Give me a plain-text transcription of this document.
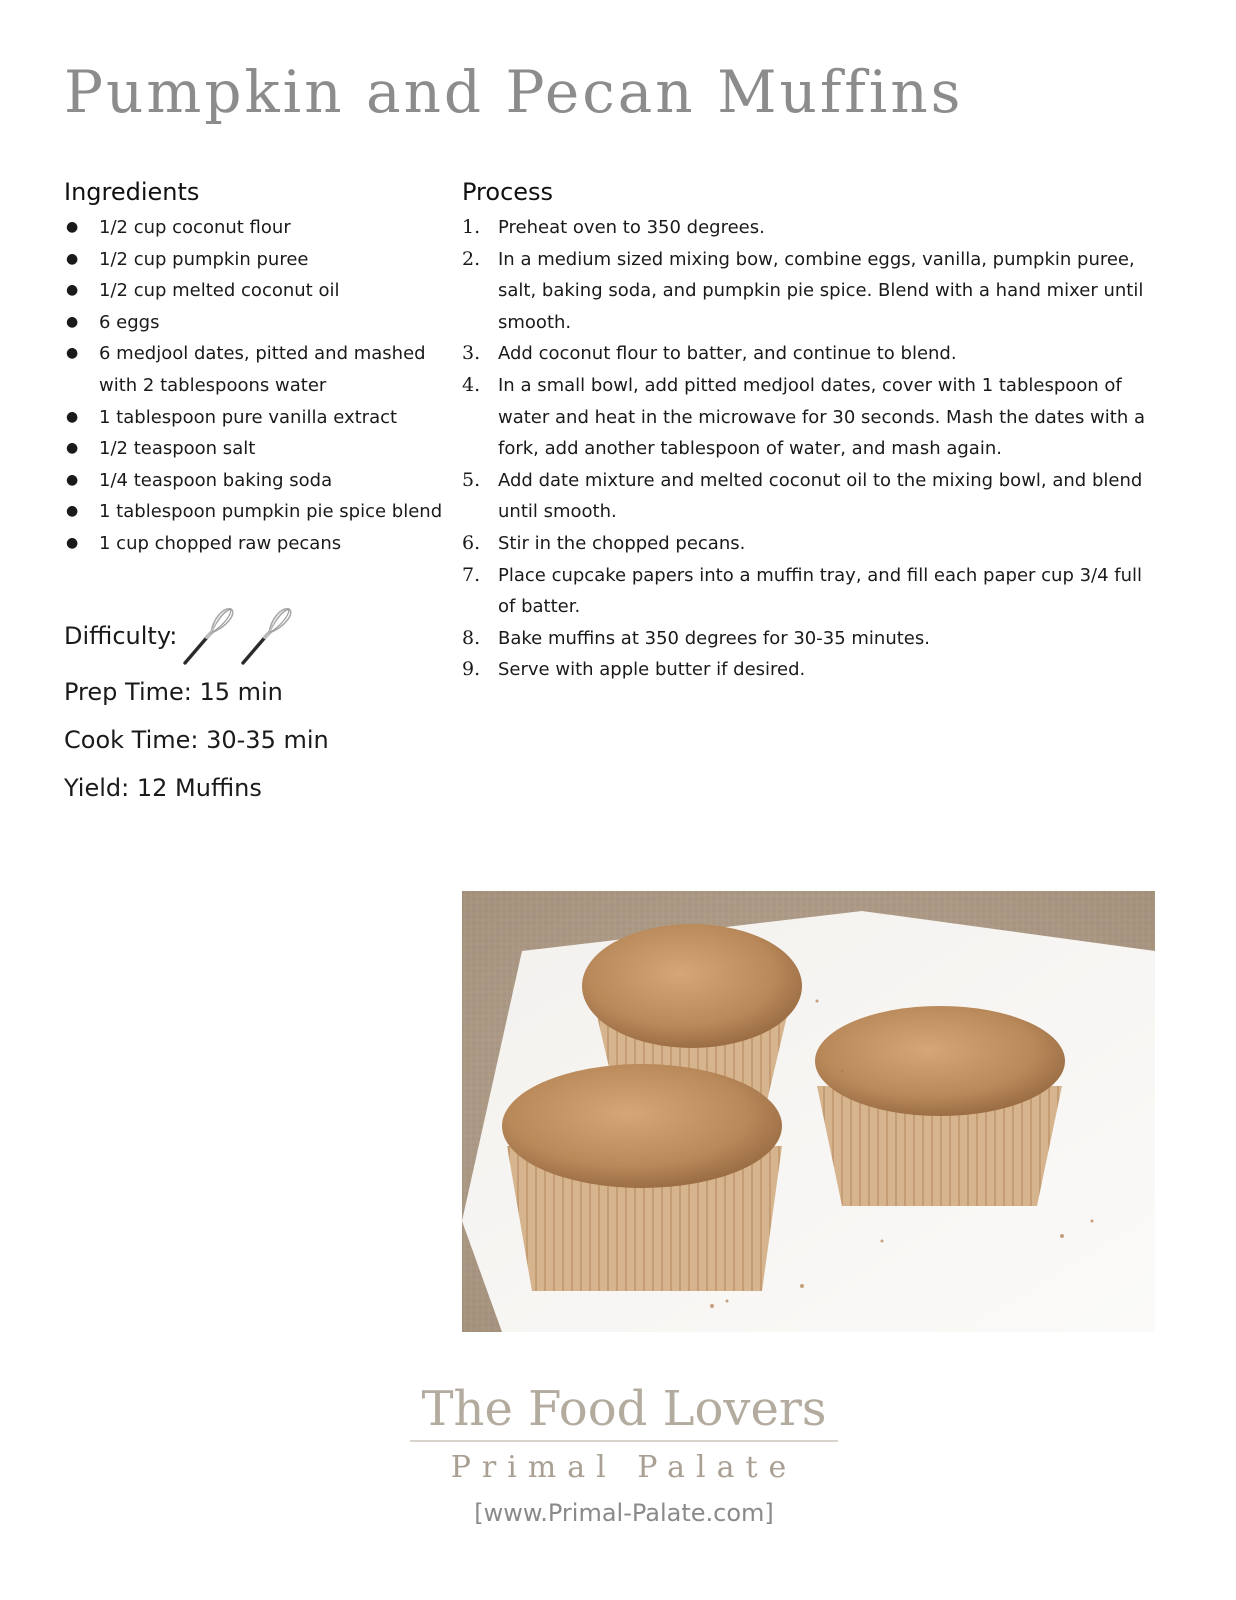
Pumpkin and Pecan Muffins
Ingredients
● 1/2 cup coconut flour
● 1/2 cup pumpkin puree
● 1/2 cup melted coconut oil
● 6 eggs
● 6 medjool dates, pitted and mashed with 2 tablespoons water
● 1 tablespoon pure vanilla extract
● 1/2 teaspoon salt
● 1/4 teaspoon baking soda
● 1 tablespoon pumpkin pie spice blend
● 1 cup chopped raw pecans
Process
1. Preheat oven to 350 degrees.
2. In a medium sized mixing bow, combine eggs, vanilla, pumpkin puree, salt, baking soda, and pumpkin pie spice. Blend with a hand mixer until smooth.
3. Add coconut flour to batter, and continue to blend.
4. In a small bowl, add pitted medjool dates, cover with 1 tablespoon of water and heat in the microwave for 30 seconds. Mash the dates with a fork, add another tablespoon of water, and mash again.
5. Add date mixture and melted coconut oil to the mixing bowl, and blend until smooth.
6. Stir in the chopped pecans.
7. Place cupcake papers into a muffin tray, and fill each paper cup 3/4 full of batter.
8. Bake muffins at 350 degrees for 30-35 minutes.
9. Serve with apple butter if desired.
Difficulty:
Prep Time: 15 min
Cook Time: 30-35 min
Yield: 12 Muffins
The Food Lovers
Primal Palate
[www.Primal-Palate.com]
